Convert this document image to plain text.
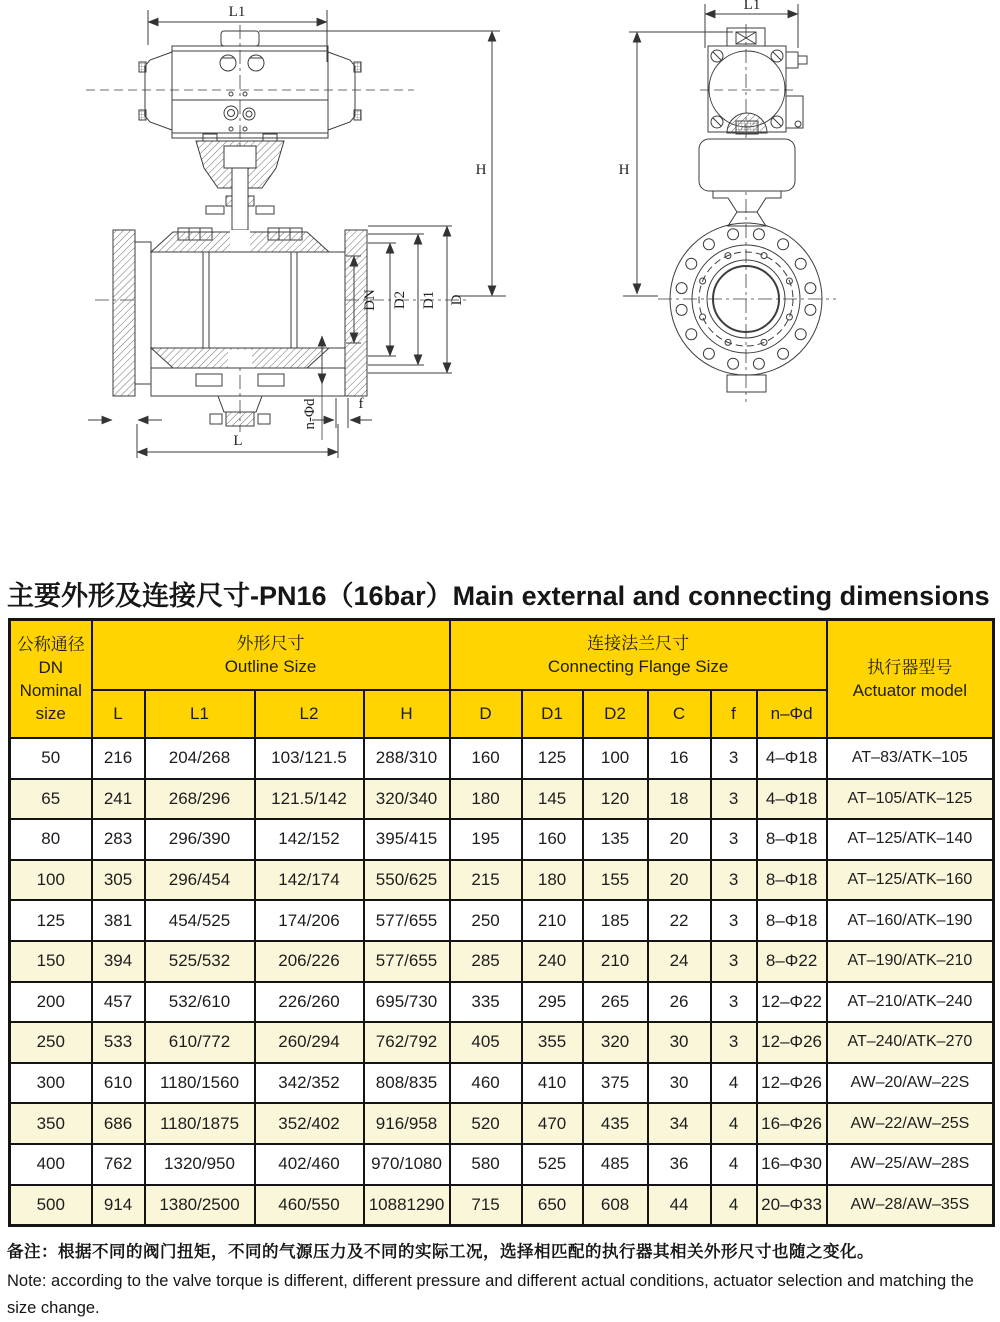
L1
H
DN D2 D1 D
n-Φd	f
L
L1
H
主要外形及连接尺寸-PN16（16bar）Main external and connecting dimensions
公称通径
DN
Nominal
size	外形尺寸
Outline Size				连接法兰尺寸
Connecting Flange Size						执行器型号
Actuator model
	L	L1	L2	H	D	D1	D2	C	f	n–Φd	
50	216	204/268	103/121.5	288/310	160	125	100	16	3	4–Φ18	AT–83/ATK–105
65	241	268/296	121.5/142	320/340	180	145	120	18	3	4–Φ18	AT–105/ATK–125
80	283	296/390	142/152	395/415	195	160	135	20	3	8–Φ18	AT–125/ATK–140
100	305	296/454	142/174	550/625	215	180	155	20	3	8–Φ18	AT–125/ATK–160
125	381	454/525	174/206	577/655	250	210	185	22	3	8–Φ18	AT–160/ATK–190
150	394	525/532	206/226	577/655	285	240	210	24	3	8–Φ22	AT–190/ATK–210
200	457	532/610	226/260	695/730	335	295	265	26	3	12–Φ22	AT–210/ATK–240
250	533	610/772	260/294	762/792	405	355	320	30	3	12–Φ26	AT–240/ATK–270
300	610	1180/1560	342/352	808/835	460	410	375	30	4	12–Φ26	AW–20/AW–22S
350	686	1180/1875	352/402	916/958	520	470	435	34	4	16–Φ26	AW–22/AW–25S
400	762	1320/950	402/460	970/1080	580	525	485	36	4	16–Φ30	AW–25/AW–28S
500	914	1380/2500	460/550	10881290	715	650	608	44	4	20–Φ33	AW–28/AW–35S

备注：根据不同的阀门扭矩，不同的气源压力及不同的实际工况，选择相匹配的执行器其相关外形尺寸也随之变化。

Note: according to the valve torque is different, different pressure and different actual conditions, actuator selection and matching the size change.
